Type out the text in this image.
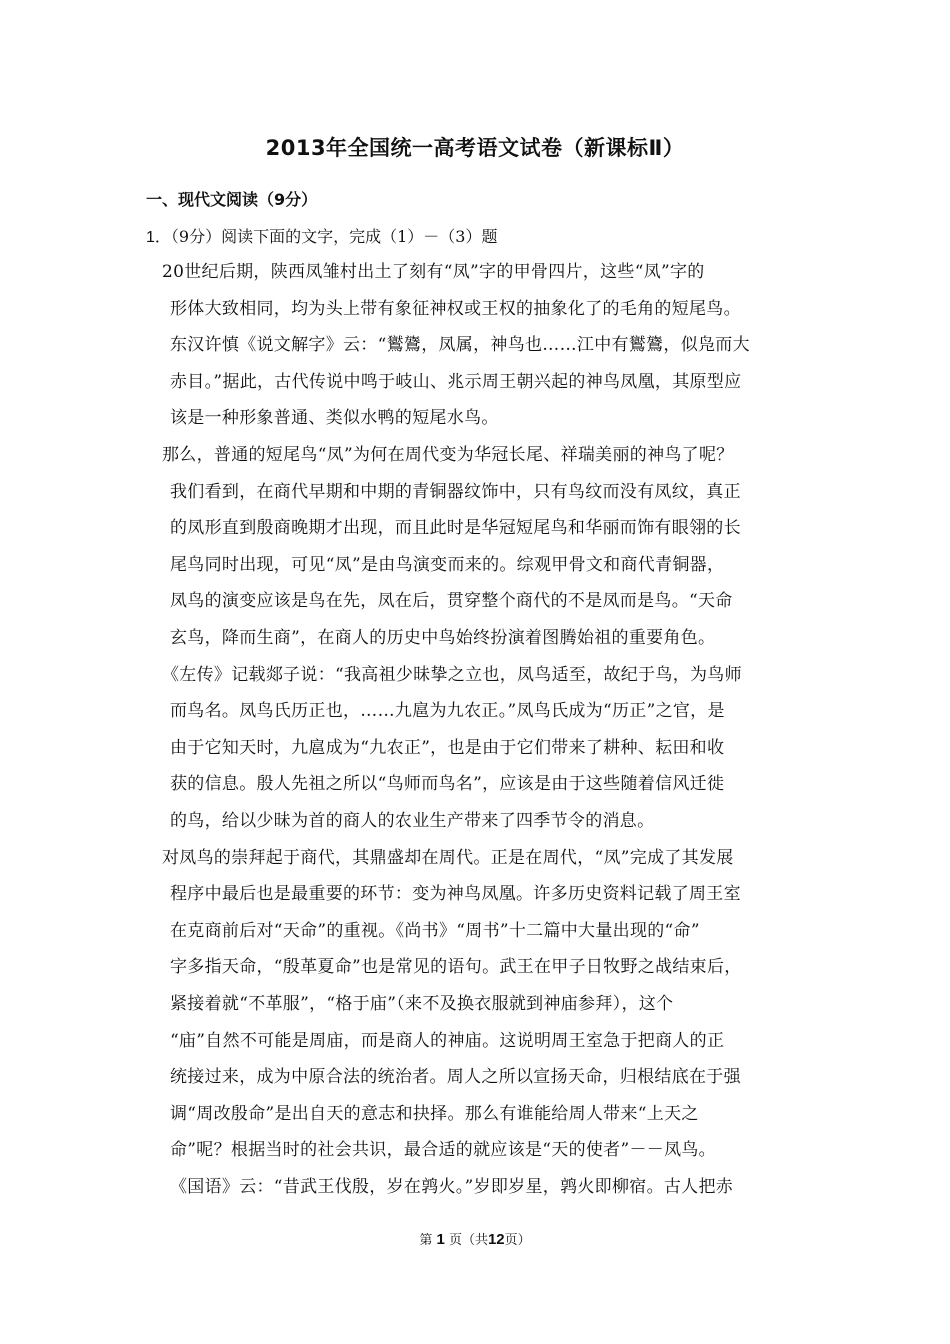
2013年全国统一高考语文试卷（新课标Ⅱ）
一、现代文阅读（9分）
1．（9分）阅读下面的文字，完成（1）－（3）题
20世纪后期，陕西凤雏村出土了刻有“凤”字的甲骨四片，这些“凤”字的
形体大致相同，均为头上带有象征神权或王权的抽象化了的毛角的短尾鸟。
东汉许慎《说文解字》云：“鸑鷟，凤属，神鸟也……江中有鸑鷟，似凫而大
赤目。”据此，古代传说中鸣于岐山、兆示周王朝兴起的神鸟凤凰，其原型应
该是一种形象普通、类似水鸭的短尾水鸟。
那么，普通的短尾鸟“凤”为何在周代变为华冠长尾、祥瑞美丽的神鸟了呢？
我们看到，在商代早期和中期的青铜器纹饰中，只有鸟纹而没有凤纹，真正
的凤形直到殷商晚期才出现，而且此时是华冠短尾鸟和华丽而饰有眼翎的长
尾鸟同时出现，可见“凤”是由鸟演变而来的。综观甲骨文和商代青铜器，
凤鸟的演变应该是鸟在先，凤在后，贯穿整个商代的不是凤而是鸟。“天命
玄鸟，降而生商”，在商人的历史中鸟始终扮演着图腾始祖的重要角色。
《左传》记载郯子说：“我高祖少昧挚之立也，凤鸟适至，故纪于鸟，为鸟师
而鸟名。凤鸟氏历正也，……九扈为九农正。”凤鸟氏成为“历正”之官，是
由于它知天时，九扈成为“九农正”，也是由于它们带来了耕种、耘田和收
获的信息。殷人先祖之所以“鸟师而鸟名”，应该是由于这些随着信风迁徙
的鸟，给以少昧为首的商人的农业生产带来了四季节令的消息。
对凤鸟的崇拜起于商代，其鼎盛却在周代。正是在周代，“凤”完成了其发展
程序中最后也是最重要的环节：变为神鸟凤凰。许多历史资料记载了周王室
在克商前后对“天命”的重视。《尚书》“周书”十二篇中大量出现的“命”
字多指天命，“殷革夏命”也是常见的语句。武王在甲子日牧野之战结束后，
紧接着就“不革服”，“格于庙”（来不及换衣服就到神庙参拜），这个
“庙”自然不可能是周庙，而是商人的神庙。这说明周王室急于把商人的正
统接过来，成为中原合法的统治者。周人之所以宣扬天命，归根结底在于强
调“周改殷命”是出自天的意志和抉择。那么有谁能给周人带来“上天之
命”呢？根据当时的社会共识，最合适的就应该是“天的使者”－－凤鸟。
《国语》云：“昔武王伐殷，岁在鹑火。”岁即岁星，鹑火即柳宿。古人把赤
第 1 页（共12页）
